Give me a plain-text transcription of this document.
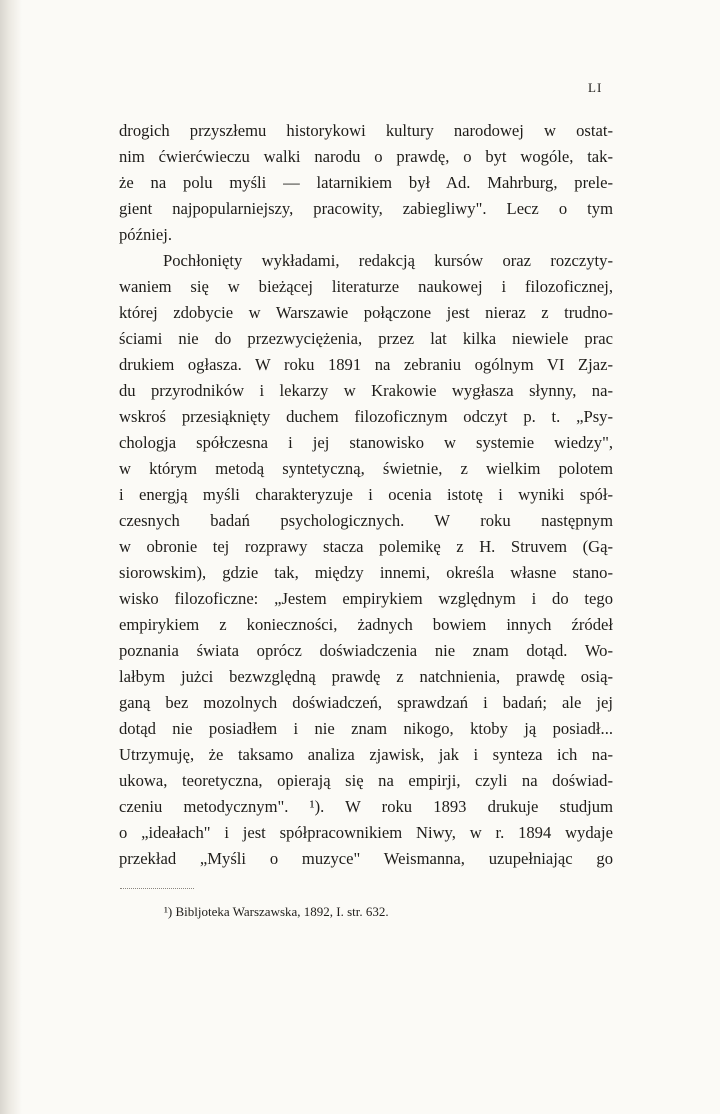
LI
drogich przyszłemu historykowi kultury narodowej w ostat-
nim ćwierćwieczu walki narodu o prawdę, o byt wogóle, tak-
że na polu myśli — latarnikiem był Ad. Mahrburg, prele-
gient najpopularniejszy, pracowity, zabiegliwy". Lecz o tym
później.
Pochłonięty wykładami, redakcją kursów oraz rozczyty-
waniem się w bieżącej literaturze naukowej i filozoficznej,
której zdobycie w Warszawie połączone jest nieraz z trudno-
ściami nie do przezwyciężenia, przez lat kilka niewiele prac
drukiem ogłasza. W roku 1891 na zebraniu ogólnym VI Zjaz-
du przyrodników i lekarzy w Krakowie wygłasza słynny, na-
wskroś przesiąknięty duchem filozoficznym odczyt p. t. „Psy-
chologja spółczesna i jej stanowisko w systemie wiedzy",
w którym metodą syntetyczną, świetnie, z wielkim polotem
i energją myśli charakteryzuje i ocenia istotę i wyniki spół-
czesnych badań psychologicznych. W roku następnym
w obronie tej rozprawy stacza polemikę z H. Struvem (Gą-
siorowskim), gdzie tak, między innemi, określa własne stano-
wisko filozoficzne: „Jestem empirykiem względnym i do tego
empirykiem z konieczności, żadnych bowiem innych źródeł
poznania świata oprócz doświadczenia nie znam dotąd. Wo-
lałbym jużci bezwzględną prawdę z natchnienia, prawdę osią-
ganą bez mozolnych doświadczeń, sprawdzań i badań; ale jej
dotąd nie posiadłem i nie znam nikogo, ktoby ją posiadł...
Utrzymuję, że taksamo analiza zjawisk, jak i synteza ich na-
ukowa, teoretyczna, opierają się na empirji, czyli na doświad-
czeniu metodycznym". ¹). W roku 1893 drukuje studjum
o „ideałach" i jest spółpracownikiem Niwy, w r. 1894 wydaje
przekład „Myśli o muzyce" Weismanna, uzupełniając go
¹) Bibljoteka Warszawska, 1892, I. str. 632.
